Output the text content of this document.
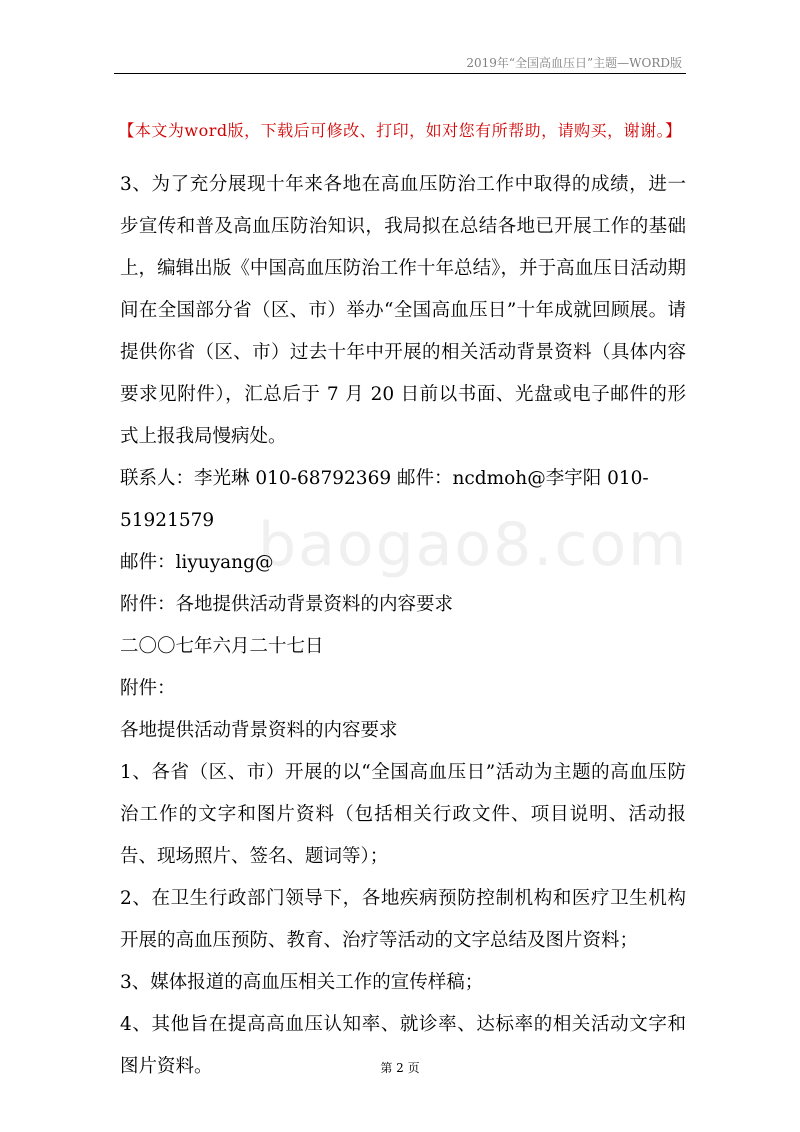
2019年“全国高血压日”主题—WORD版
【本文为word版，下载后可修改、打印，如对您有所帮助，请购买，谢谢。】
baogao8.com

3、为了充分展现十年来各地在高血压防治工作中取得的成绩，进一步宣传和普及高血压防治知识，我局拟在总结各地已开展工作的基础上，编辑出版《中国高血压防治工作十年总结》，并于高血压日活动期间在全国部分省（区、市）举办“全国高血压日”十年成就回顾展。请提供你省（区、市）过去十年中开展的相关活动背景资料（具体内容要求见附件），汇总后于 7 月 20 日前以书面、光盘或电子邮件的形式上报我局慢病处。

联系人：李光琳 010-68792369 邮件：ncdmoh@李宇阳 010-51921579

邮件：liyuyang@

附件：各地提供活动背景资料的内容要求

二〇〇七年六月二十七日

附件：

各地提供活动背景资料的内容要求

1、各省（区、市）开展的以“全国高血压日”活动为主题的高血压防治工作的文字和图片资料（包括相关行政文件、项目说明、活动报告、现场照片、签名、题词等）；

2、在卫生行政部门领导下，各地疾病预防控制机构和医疗卫生机构开展的高血压预防、教育、治疗等活动的文字总结及图片资料；

3、媒体报道的高血压相关工作的宣传样稿；

4、其他旨在提高高血压认知率、就诊率、达标率的相关活动文字和图片资料。	第 2 页
